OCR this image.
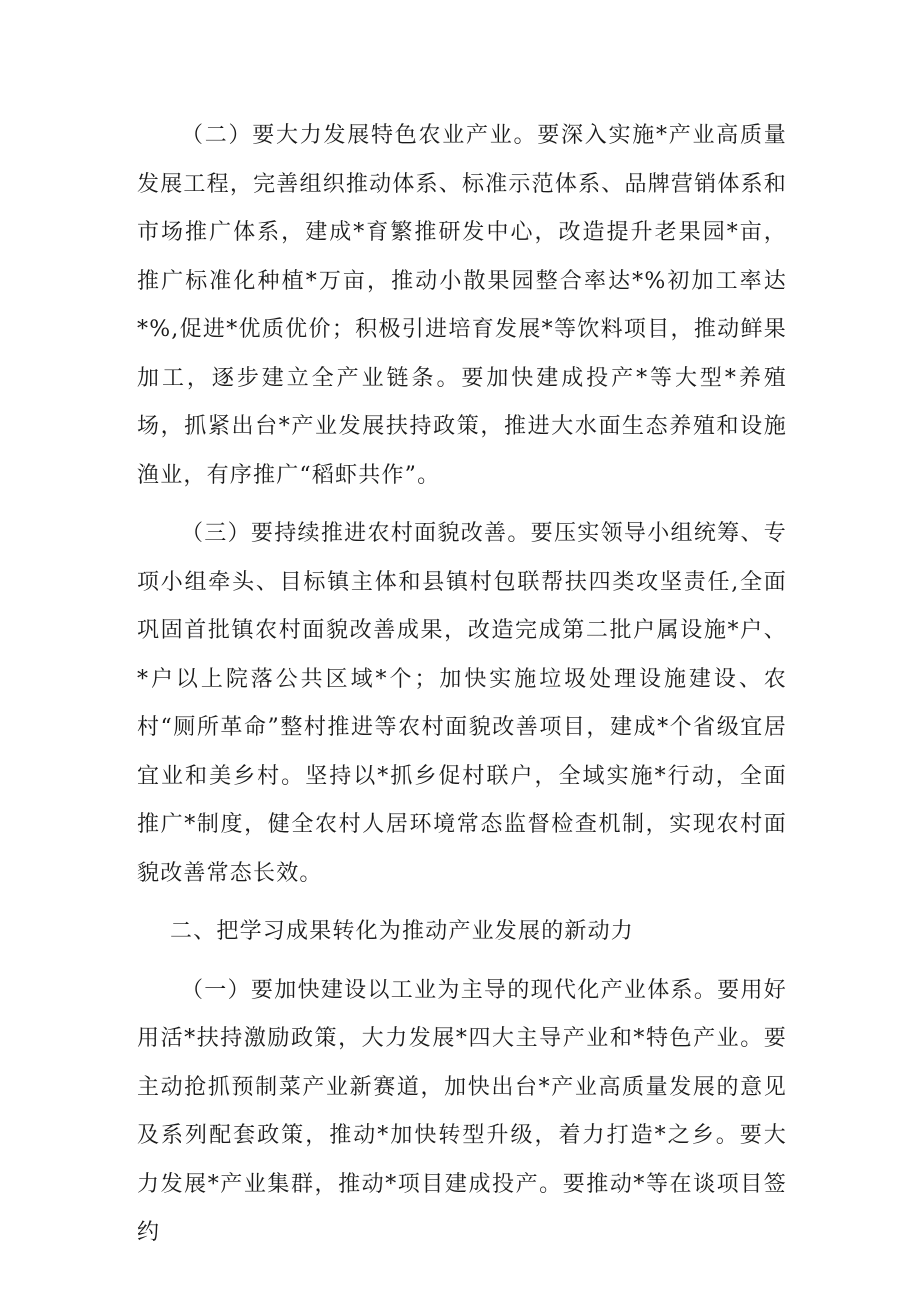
（二）要大力发展特色农业产业。要深入实施*产业高质量发展工程，完善组织推动体系、标准示范体系、品牌营销体系和市场推广体系，建成*育繁推研发中心，改造提升老果园*亩，推广标准化种植*万亩，推动小散果园整合率达*%初加工率达*%,促进*优质优价；积极引进培育发展*等饮料项目，推动鲜果加工，逐步建立全产业链条。要加快建成投产*等大型*养殖场，抓紧出台*产业发展扶持政策，推进大水面生态养殖和设施渔业，有序推广“稻虾共作”。

（三）要持续推进农村面貌改善。要压实领导小组统筹、专项小组牵头、目标镇主体和县镇村包联帮扶四类攻坚责任,全面巩固首批镇农村面貌改善成果，改造完成第二批户属设施*户、*户以上院落公共区域*个；加快实施垃圾处理设施建设、农村“厕所革命”整村推进等农村面貌改善项目，建成*个省级宜居宜业和美乡村。坚持以*抓乡促村联户，全域实施*行动，全面推广*制度，健全农村人居环境常态监督检查机制，实现农村面貌改善常态长效。

二、把学习成果转化为推动产业发展的新动力

（一）要加快建设以工业为主导的现代化产业体系。要用好用活*扶持激励政策，大力发展*四大主导产业和*特色产业。要主动抢抓预制菜产业新赛道，加快出台*产业高质量发展的意见及系列配套政策，推动*加快转型升级，着力打造*之乡。要大力发展*产业集群，推动*项目建成投产。要推动*等在谈项目签约
